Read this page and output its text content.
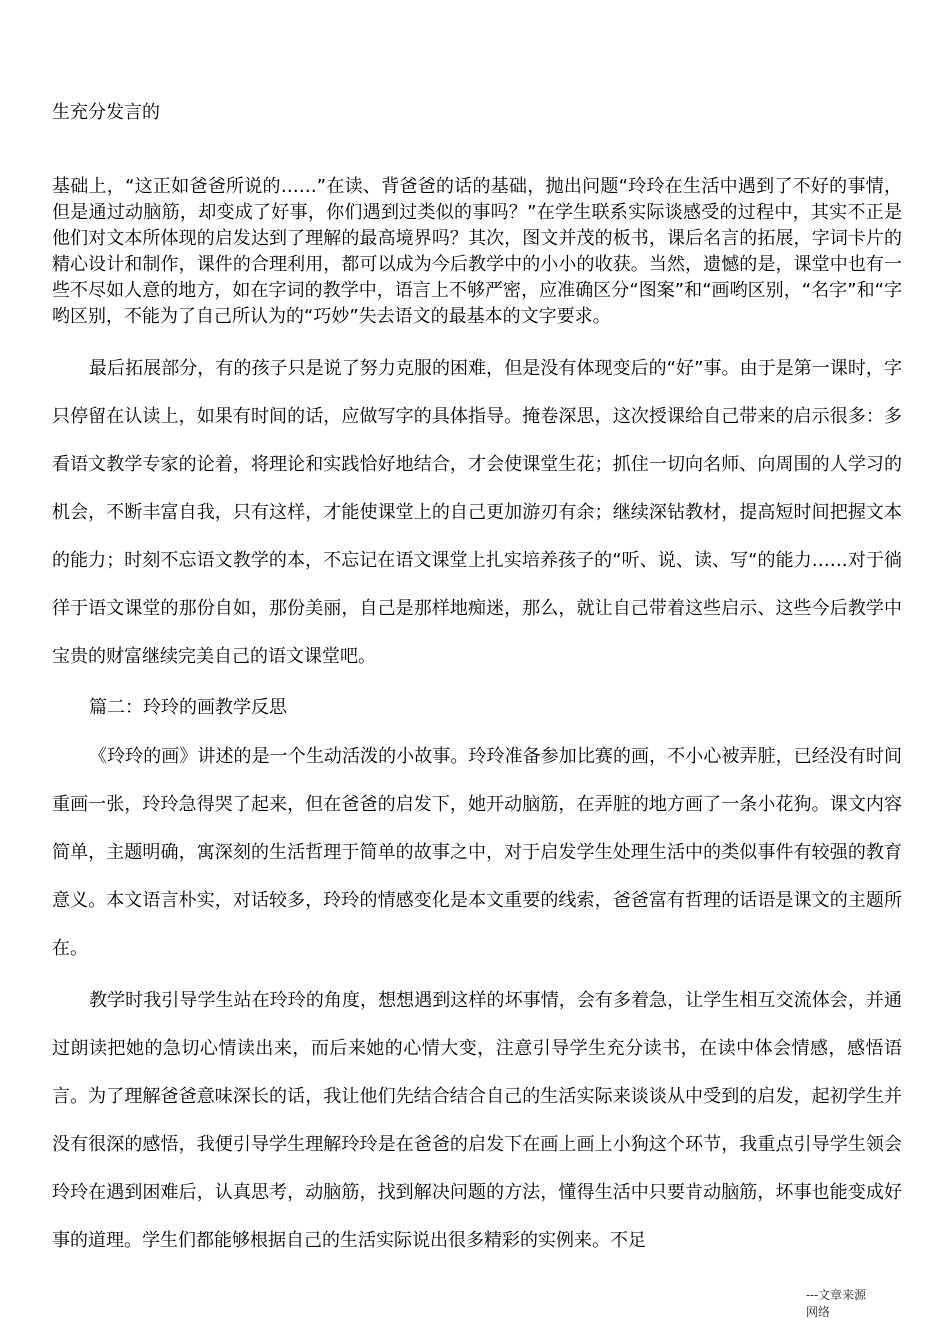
生充分发言的

基础上，“这正如爸爸所说的……”在读、背爸爸的话的基础，抛出问题“玲玲在生活中遇到了不好的事情，但是通过动脑筋，却变成了好事，你们遇到过类似的事吗？”在学生联系实际谈感受的过程中，其实不正是他们对文本所体现的启发达到了理解的最高境界吗？其次，图文并茂的板书，课后名言的拓展，字词卡片的精心设计和制作，课件的合理利用，都可以成为今后教学中的小小的收获。当然，遗憾的是，课堂中也有一些不尽如人意的地方，如在字词的教学中，语言上不够严密，应准确区分“图案”和“画哟区别，“名字”和“字哟区别，不能为了自己所认为的“巧妙”失去语文的最基本的文字要求。

最后拓展部分，有的孩子只是说了努力克服的困难，但是没有体现变后的“好”事。由于是第一课时，字只停留在认读上，如果有时间的话，应做写字的具体指导。掩卷深思，这次授课给自己带来的启示很多：多看语文教学专家的论着，将理论和实践恰好地结合，才会使课堂生花；抓住一切向名师、向周围的人学习的机会，不断丰富自我，只有这样，才能使课堂上的自己更加游刃有余；继续深钻教材，提高短时间把握文本的能力；时刻不忘语文教学的本，不忘记在语文课堂上扎实培养孩子的“听、说、读、写“的能力……对于徜徉于语文课堂的那份自如，那份美丽，自己是那样地痴迷，那么，就让自己带着这些启示、这些今后教学中宝贵的财富继续完美自己的语文课堂吧。

篇二：玲玲的画教学反思

《玲玲的画》讲述的是一个生动活泼的小故事。玲玲准备参加比赛的画，不小心被弄脏，已经没有时间重画一张，玲玲急得哭了起来，但在爸爸的启发下，她开动脑筋，在弄脏的地方画了一条小花狗。课文内容简单，主题明确，寓深刻的生活哲理于简单的故事之中，对于启发学生处理生活中的类似事件有较强的教育意义。本文语言朴实，对话较多，玲玲的情感变化是本文重要的线索，爸爸富有哲理的话语是课文的主题所在。

教学时我引导学生站在玲玲的角度，想想遇到这样的坏事情，会有多着急，让学生相互交流体会，并通过朗读把她的急切心情读出来，而后来她的心情大变，注意引导学生充分读书，在读中体会情感，感悟语言。为了理解爸爸意味深长的话，我让他们先结合结合自己的生活实际来谈谈从中受到的启发，起初学生并没有很深的感悟，我便引导学生理解玲玲是在爸爸的启发下在画上画上小狗这个环节，我重点引导学生领会玲玲在遇到困难后，认真思考，动脑筋，找到解决问题的方法，懂得生活中只要肯动脑筋，坏事也能变成好事的道理。学生们都能够根据自己的生活实际说出很多精彩的实例来。不足

---文章来源网络
